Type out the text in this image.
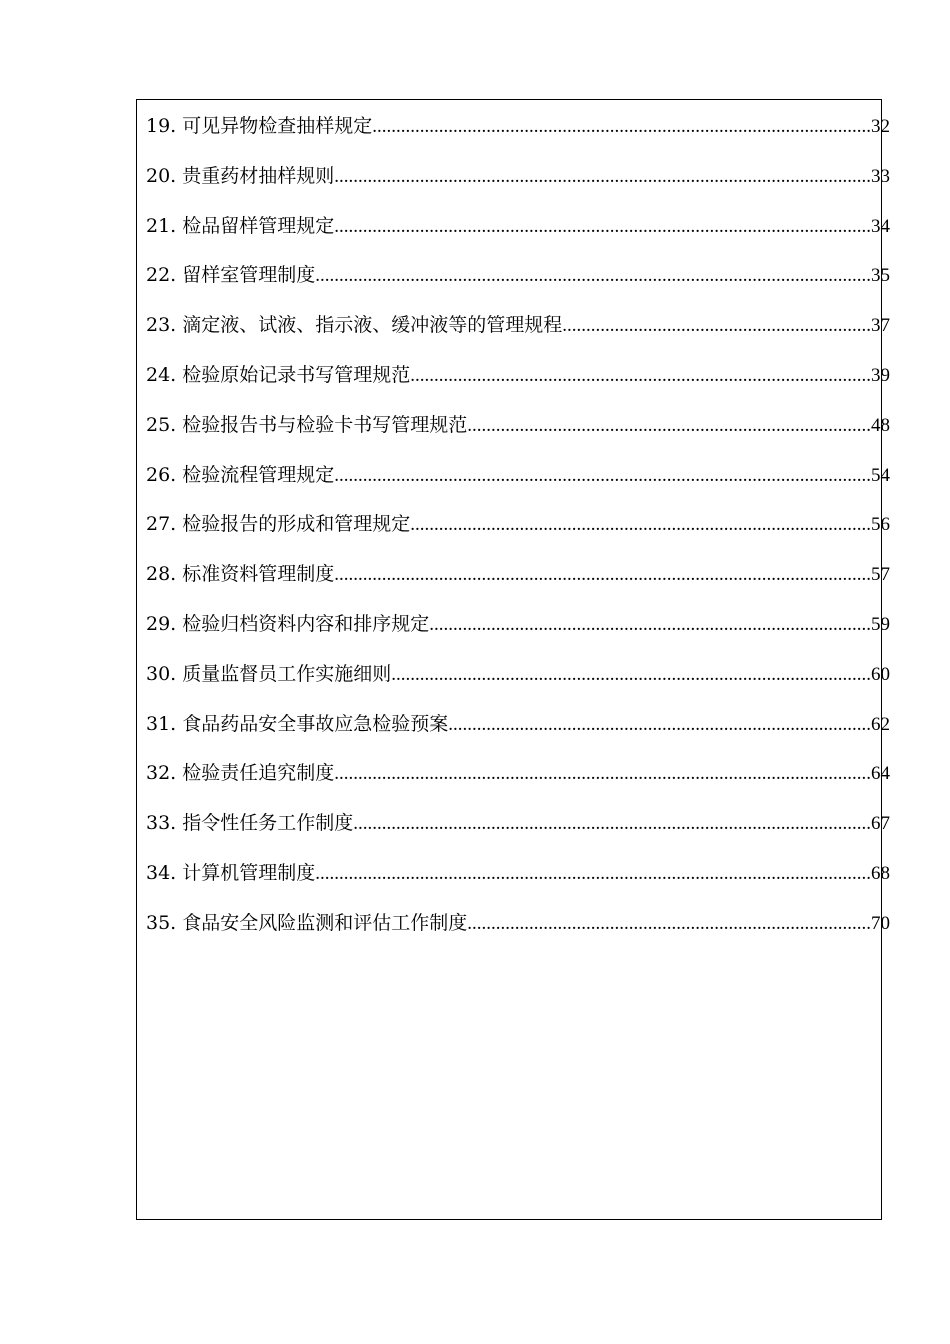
19. 可见异物检查抽样规定 .....	32
20. 贵重药材抽样规则 .....	33
21. 检品留样管理规定 .....	34
22. 留样室管理制度 .....	35
23. 滴定液、试液、指示液、缓冲液等的管理规程 .....	37
24. 检验原始记录书写管理规范 .....	39
25. 检验报告书与检验卡书写管理规范 .....	48
26. 检验流程管理规定 .....	54
27. 检验报告的形成和管理规定 .....	56
28. 标准资料管理制度 .....	57
29. 检验归档资料内容和排序规定 .....	59
30. 质量监督员工作实施细则 .....	60
31. 食品药品安全事故应急检验预案 .....	62
32. 检验责任追究制度 .....	64
33. 指令性任务工作制度 .....	67
34. 计算机管理制度 .....	68
35. 食品安全风险监测和评估工作制度 .....	70
